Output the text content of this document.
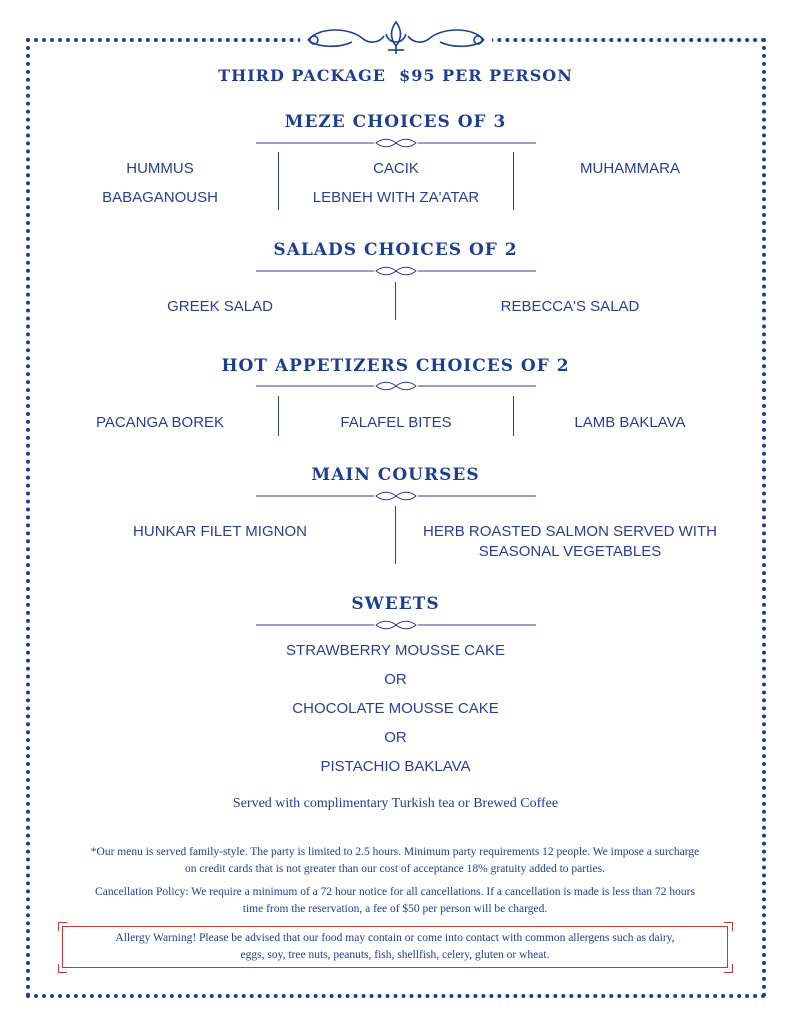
THIRD PACKAGE  $95 PER PERSON
MEZE CHOICES OF 3
HUMMUS	CACIK	MUHAMMARA
BABAGANOUSH	LEBNEH WITH ZA'ATAR
SALADS CHOICES OF 2
GREEK SALAD	REBECCA'S SALAD
HOT APPETIZERS CHOICES OF 2
PACANGA BOREK	FALAFEL BITES	LAMB BAKLAVA
MAIN COURSES
HUNKAR FILET MIGNON	HERB ROASTED SALMON SERVED WITH
SEASONAL VEGETABLES
SWEETS
STRAWBERRY MOUSSE CAKE
OR
CHOCOLATE MOUSSE CAKE
OR
PISTACHIO BAKLAVA
Served with complimentary Turkish tea or Brewed Coffee
*Our menu is served family-style. The party is limited to 2.5 hours. Minimum party requirements 12 people. We impose a surcharge
on credit cards that is not greater than our cost of acceptance 18% gratuity added to parties.
Cancellation Policy: We require a minimum of a 72 hour notice for all cancellations. If a cancellation is made is less than 72 hours
time from the reservation, a fee of $50 per person will be charged.
Allergy Warning! Please be advised that our food may contain or come into contact with common allergens such as dairy,
eggs, soy, tree nuts, peanuts, fish, shellfish, celery, gluten or wheat.
